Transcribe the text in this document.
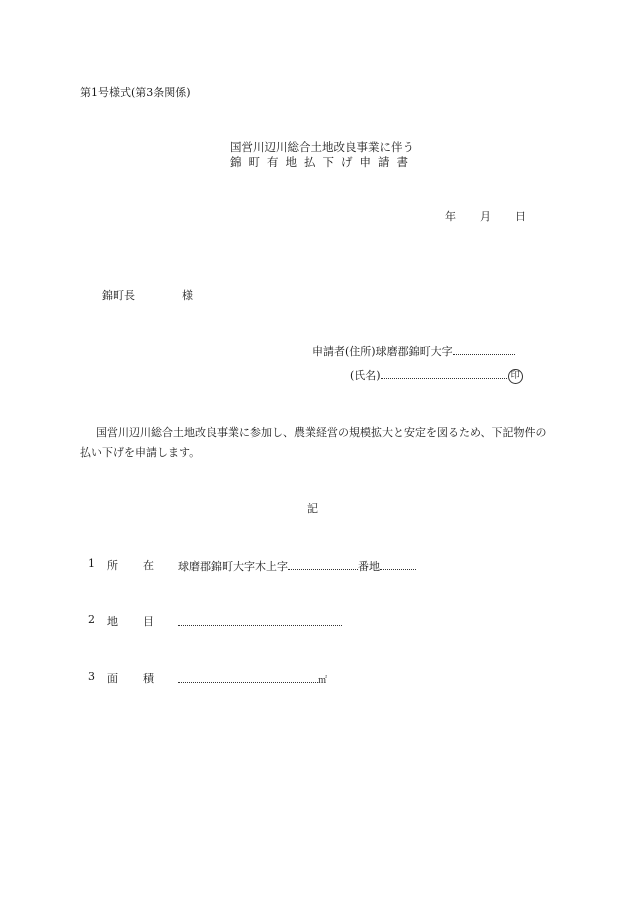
第1号様式(第3条関係)
国営川辺川総合土地改良事業に伴う
錦町有地払下げ申請書
年 月 日
錦町長	様
申請者(住所)球磨郡錦町大字
(氏名)	印
国営川辺川総合土地改良事業に参加し、農業経営の規模拡大と安定を図るため、下記物件の払い下げを申請します。
記
1 所 在 球磨郡錦町大字木上字	番地
2 地 目
3 面 積	㎡
